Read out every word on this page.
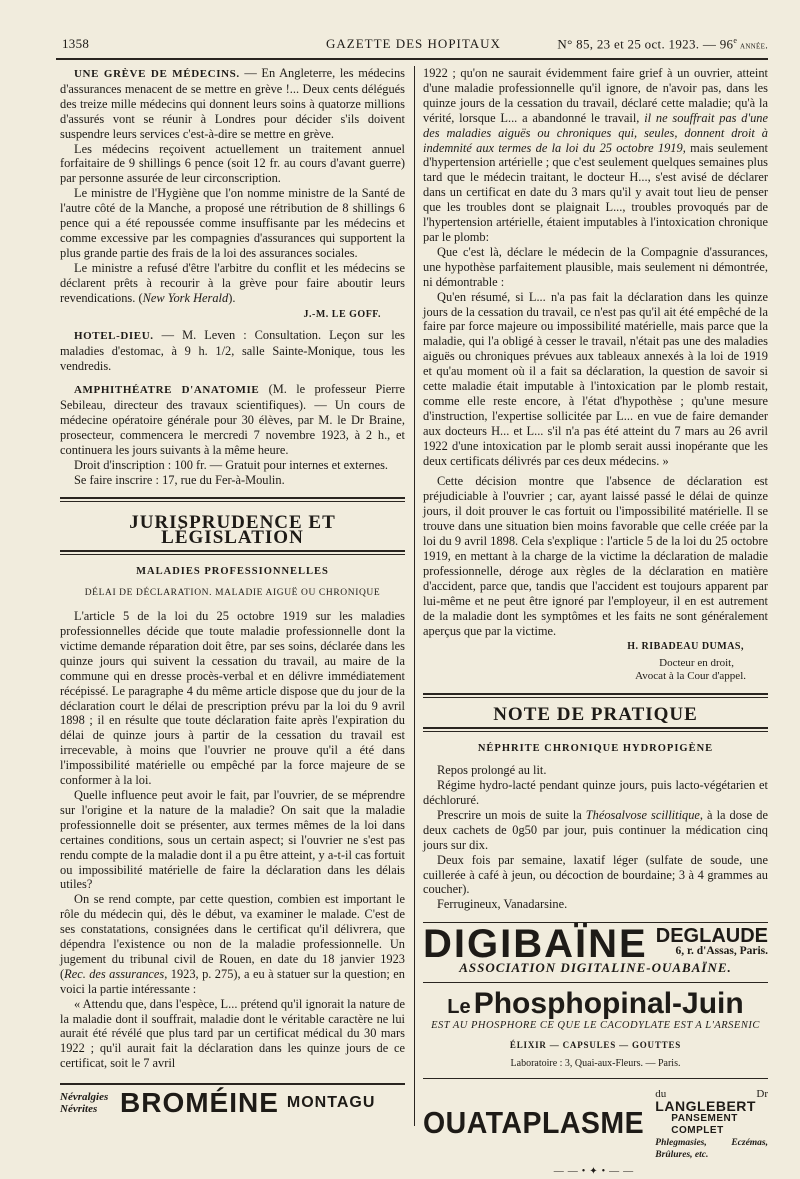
1358	GAZETTE DES HOPITAUX	N° 85, 23 et 25 oct. 1923. — 96e année.

UNE GRÈVE DE MÉDECINS. — En Angleterre, les médecins d'assurances menacent de se mettre en grève !... Deux cents délégués des treize mille médecins qui donnent leurs soins à quatorze millions d'assurés vont se réunir à Londres pour décider s'ils doivent suspendre leurs services c'est-à-dire se mettre en grève.

Les médecins reçoivent actuellement un traitement annuel forfaitaire de 9 shillings 6 pence (soit 12 fr. au cours d'avant guerre) par personne assurée de leur circonscription.

Le ministre de l'Hygiène que l'on nomme ministre de la Santé de l'autre côté de la Manche, a proposé une rétribution de 8 shillings 6 pence qui a été repoussée comme insuffisante par les médecins et comme excessive par les compagnies d'assurances qui supportent la plus grande partie des frais de la loi des assurances sociales.

Le ministre a refusé d'être l'arbitre du conflit et les médecins se déclarent prêts à recourir à la grève pour faire aboutir leurs revendications. (New York Herald).

J.-M. LE GOFF.

HOTEL-DIEU. — M. Leven : Consultation. Leçon sur les maladies d'estomac, à 9 h. 1/2, salle Sainte-Monique, tous les vendredis.

AMPHITHÉATRE D'ANATOMIE (M. le professeur Pierre Sebileau, directeur des travaux scientifiques). — Un cours de médecine opératoire générale pour 30 élèves, par M. le Dr Braine, prosecteur, commencera le mercredi 7 novembre 1923, à 2 h., et continuera les jours suivants à la même heure.

Droit d'inscription : 100 fr. — Gratuit pour internes et externes.

Se faire inscrire : 17, rue du Fer-à-Moulin.

JURISPRUDENCE ET LÉGISLATION
MALADIES PROFESSIONNELLES
DÉLAI DE DÉCLARATION. MALADIE AIGUË OU CHRONIQUE

L'article 5 de la loi du 25 octobre 1919 sur les maladies professionnelles décide que toute maladie professionnelle dont la victime demande réparation doit être, par ses soins, déclarée dans les quinze jours qui suivent la cessation du travail, au maire de la commune qui en dresse procès-verbal et en délivre immédiatement récépissé. Le paragraphe 4 du même article dispose que du jour de la déclaration court le délai de prescription prévu par la loi du 9 avril 1898 ; il en résulte que toute déclaration faite après l'expiration du délai de quinze jours à partir de la cessation du travail est irrecevable, à moins que l'ouvrier ne prouve qu'il a été dans l'impossibilité matérielle ou empêché par la force majeure de se conformer à la loi.

Quelle influence peut avoir le fait, par l'ouvrier, de se méprendre sur l'origine et la nature de la maladie? On sait que la maladie professionnelle doit se présenter, aux termes mêmes de la loi dans certaines conditions, sous un certain aspect; si l'ouvrier ne s'est pas rendu compte de la maladie dont il a pu être atteint, y a-t-il cas fortuit ou impossibilité matérielle de faire la déclaration dans les délais utiles?

On se rend compte, par cette question, combien est important le rôle du médecin qui, dès le début, va examiner le malade. C'est de ses constatations, consignées dans le certificat qu'il délivrera, que dépendra l'existence ou non de la maladie professionnelle. Un jugement du tribunal civil de Rouen, en date du 18 janvier 1923 (Rec. des assurances, 1923, p. 275), a eu à statuer sur la question; en voici la partie intéressante :

« Attendu que, dans l'espèce, L... prétend qu'il ignorait la nature de la maladie dont il souffrait, maladie dont le véritable caractère ne lui aurait été révélé que plus tard par un certificat médical du 30 mars 1922 ; qu'il aurait fait la déclaration dans les quinze jours de ce certificat, soit le 7 avril

Névralgies
Névrites BROMÉINE MONTAGU

1922 ; qu'on ne saurait évidemment faire grief à un ouvrier, atteint d'une maladie professionnelle qu'il ignore, de n'avoir pas, dans les quinze jours de la cessation du travail, déclaré cette maladie; qu'à la vérité, lorsque L... a abandonné le travail, il ne souffrait pas d'une des maladies aiguës ou chroniques qui, seules, donnent droit à indemnité aux termes de la loi du 25 octobre 1919, mais seulement d'hypertension artérielle ; que c'est seulement quelques semaines plus tard que le médecin traitant, le docteur H..., s'est avisé de déclarer dans un certificat en date du 3 mars qu'il y avait tout lieu de penser que les troubles dont se plaignait L..., troubles provoqués par de l'hypertension artérielle, étaient imputables à l'intoxication chronique par le plomb:

Que c'est là, déclare le médecin de la Compagnie d'assurances, une hypothèse parfaitement plausible, mais seulement ni démontrée, ni démontrable :

Qu'en résumé, si L... n'a pas fait la déclaration dans les quinze jours de la cessation du travail, ce n'est pas qu'il ait été empêché de la faire par force majeure ou impossibilité matérielle, mais parce que la maladie, qui l'a obligé à cesser le travail, n'était pas une des maladies aiguës ou chroniques prévues aux tableaux annexés à la loi de 1919 et qu'au moment où il a fait sa déclaration, la question de savoir si cette maladie était imputable à l'intoxication par le plomb restait, comme elle reste encore, à l'état d'hypothèse ; qu'une mesure d'instruction, l'expertise sollicitée par L... en vue de faire demander aux docteurs H... et L... s'il n'a pas été atteint du 7 mars au 26 avril 1922 d'une intoxication par le plomb serait aussi inopérante que les deux certificats délivrés par ces deux médecins. »

Cette décision montre que l'absence de déclaration est préjudiciable à l'ouvrier ; car, ayant laissé passé le délai de quinze jours, il doit prouver le cas fortuit ou l'impossibilité matérielle. Il se trouve dans une situation bien moins favorable que celle créée par la loi du 9 avril 1898. Cela s'explique : l'article 5 de la loi du 25 octobre 1919, en mettant à la charge de la victime la déclaration de maladie professionnelle, déroge aux règles de la déclaration en matière d'accident, parce que, tandis que l'accident est toujours apparent par lui-même et ne peut être ignoré par l'employeur, il en est autrement de la maladie dont les symptômes et les faits ne sont généralement aperçus que par la victime.

H. RIBADEAU DUMAS,
Docteur en droit,
Avocat à la Cour d'appel.
NOTE DE PRATIQUE
NÉPHRITE CHRONIQUE HYDROPIGÈNE

Repos prolongé au lit.

Régime hydro-lacté pendant quinze jours, puis lacto-végétarien et déchloruré.

Prescrire un mois de suite la Théosalvose scillitique, à la dose de deux cachets de 0g50 par jour, puis continuer la médication cinq jours sur dix.

Deux fois par semaine, laxatif léger (sulfate de soude, une cuillerée à café à jeun, ou décoction de bourdaine; 3 à 4 grammes au coucher).

Ferrugineux, Vanadarsine.

DIGIBAÏNE DEGLAUDE
6, r. d'Assas, Paris.
ASSOCIATION DIGITALINE-OUABAÏNE.
Le Phosphopinal-Juin
EST AU PHOSPHORE CE QUE LE CACODYLATE EST A L'ARSENIC
ÉLIXIR — CAPSULES — GOUTTES
Laboratoire : 3, Quai-aux-Fleurs. — Paris.
OUATAPLASME
du Dr LANGLEBERT
PANSEMENT COMPLET
Phlegmasies, Eczémas, Brûlures, etc.
——•✦•——
